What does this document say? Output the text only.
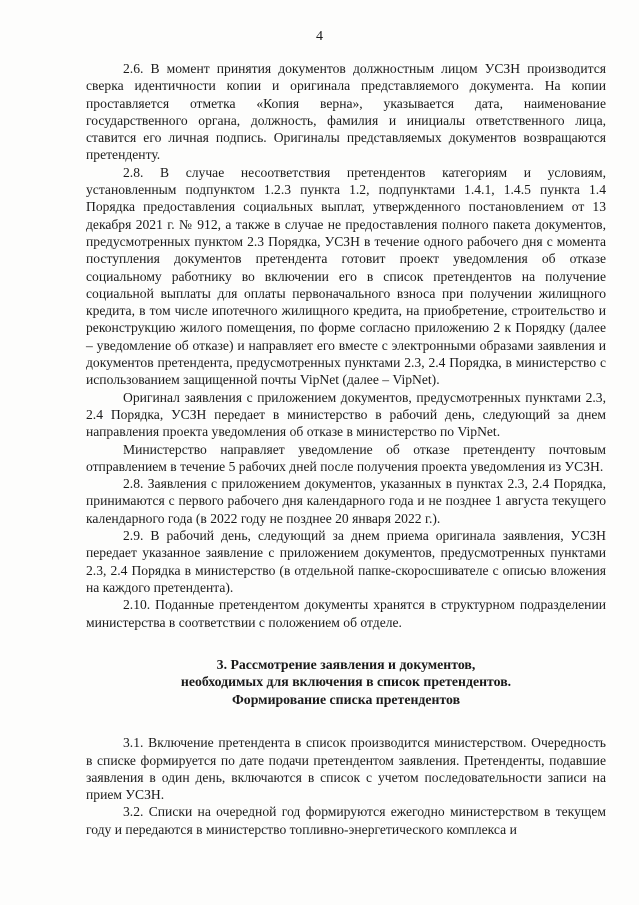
4

2.6. В момент принятия документов должностным лицом УСЗН производится сверка идентичности копии и оригинала представляемого документа. На копии проставляется отметка «Копия верна», указывается дата, наименование государственного органа, должность, фамилия и инициалы ответственного лица, ставится его личная подпись. Оригиналы представляемых документов возвращаются претенденту.

2.8. В случае несоответствия претендентов категориям и условиям, установленным подпунктом 1.2.3 пункта 1.2, подпунктами 1.4.1, 1.4.5 пункта 1.4 Порядка предоставления социальных выплат, утвержденного постановлением от 13 декабря 2021 г. № 912, а также в случае не предоставления полного пакета документов, предусмотренных пунктом 2.3 Порядка, УСЗН в течение одного рабочего дня с момента поступления документов претендента готовит проект уведомления об отказе социальному работнику во включении его в список претендентов на получение социальной выплаты для оплаты первоначального взноса при получении жилищного кредита, в том числе ипотечного жилищного кредита, на приобретение, строительство и реконструкцию жилого помещения, по форме согласно приложению 2 к Порядку (далее – уведомление об отказе) и направляет его вместе с электронными образами заявления и документов претендента, предусмотренных пунктами 2.3, 2.4 Порядка, в министерство с использованием защищенной почты VipNet (далее – VipNet).

Оригинал заявления с приложением документов, предусмотренных пунктами 2.3, 2.4 Порядка, УСЗН передает в министерство в рабочий день, следующий за днем направления проекта уведомления об отказе в министерство по VipNet.

Министерство направляет уведомление об отказе претенденту почтовым отправлением в течение 5 рабочих дней после получения проекта уведомления из УСЗН.

2.8. Заявления с приложением документов, указанных в пунктах 2.3, 2.4 Порядка, принимаются с первого рабочего дня календарного года и не позднее 1 августа текущего календарного года (в 2022 году не позднее 20 января 2022 г.).

2.9. В рабочий день, следующий за днем приема оригинала заявления, УСЗН передает указанное заявление с приложением документов, предусмотренных пунктами 2.3, 2.4 Порядка в министерство (в отдельной папке-скоросшивателе с описью вложения на каждого претендента).

2.10. Поданные претендентом документы хранятся в структурном подразделении министерства в соответствии с положением об отделе.

3. Рассмотрение заявления и документов,
необходимых для включения в список претендентов.
Формирование списка претендентов

3.1. Включение претендента в список производится министерством. Очередность в списке формируется по дате подачи претендентом заявления. Претенденты, подавшие заявления в один день, включаются в список с учетом последовательности записи на прием УСЗН.

3.2. Списки на очередной год формируются ежегодно министерством в текущем году и передаются в министерство топливно-энергетического комплекса и
